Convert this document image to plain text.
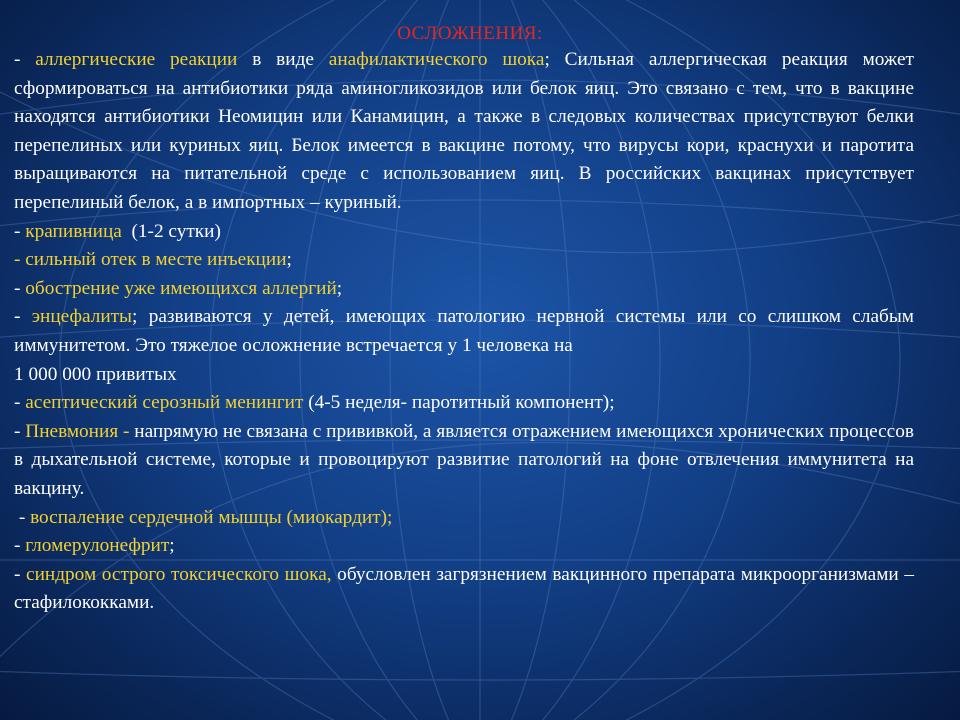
ОСЛОЖНЕНИЯ:

- аллергические реакции в виде анафилактического шока; Сильная аллергическая реакция может сформироваться на антибиотики ряда аминогликозидов или белок яиц. Это связано с тем, что в вакцине находятся антибиотики Неомицин или Канамицин, а также в следовых количествах присутствуют белки перепелиных или куриных яиц. Белок имеется в вакцине потому, что вирусы кори, краснухи и паротита выращиваются на питательной среде с использованием яиц. В российских вакцинах присутствует перепелиный белок, а в импортных – куриный.

- крапивница  (1-2 сутки)

- сильный отек в месте инъекции;

- обострение уже имеющихся аллергий;

- энцефалиты; развиваются у детей, имеющих патологию нервной системы или со слишком слабым иммунитетом. Это тяжелое осложнение встречается у 1 человека на

1 000 000 привитых

- асептический серозный менингит (4-5 неделя- паротитный компонент);

- Пневмония - напрямую не связана с прививкой, а является отражением имеющихся хронических процессов в дыхательной системе, которые и провоцируют развитие патологий на фоне отвлечения иммунитета на вакцину.

- воспаление сердечной мышцы (миокардит);

- гломерулонефрит;

- синдром острого токсического шока, обусловлен загрязнением вакцинного препарата микроорганизмами – стафилококками.
